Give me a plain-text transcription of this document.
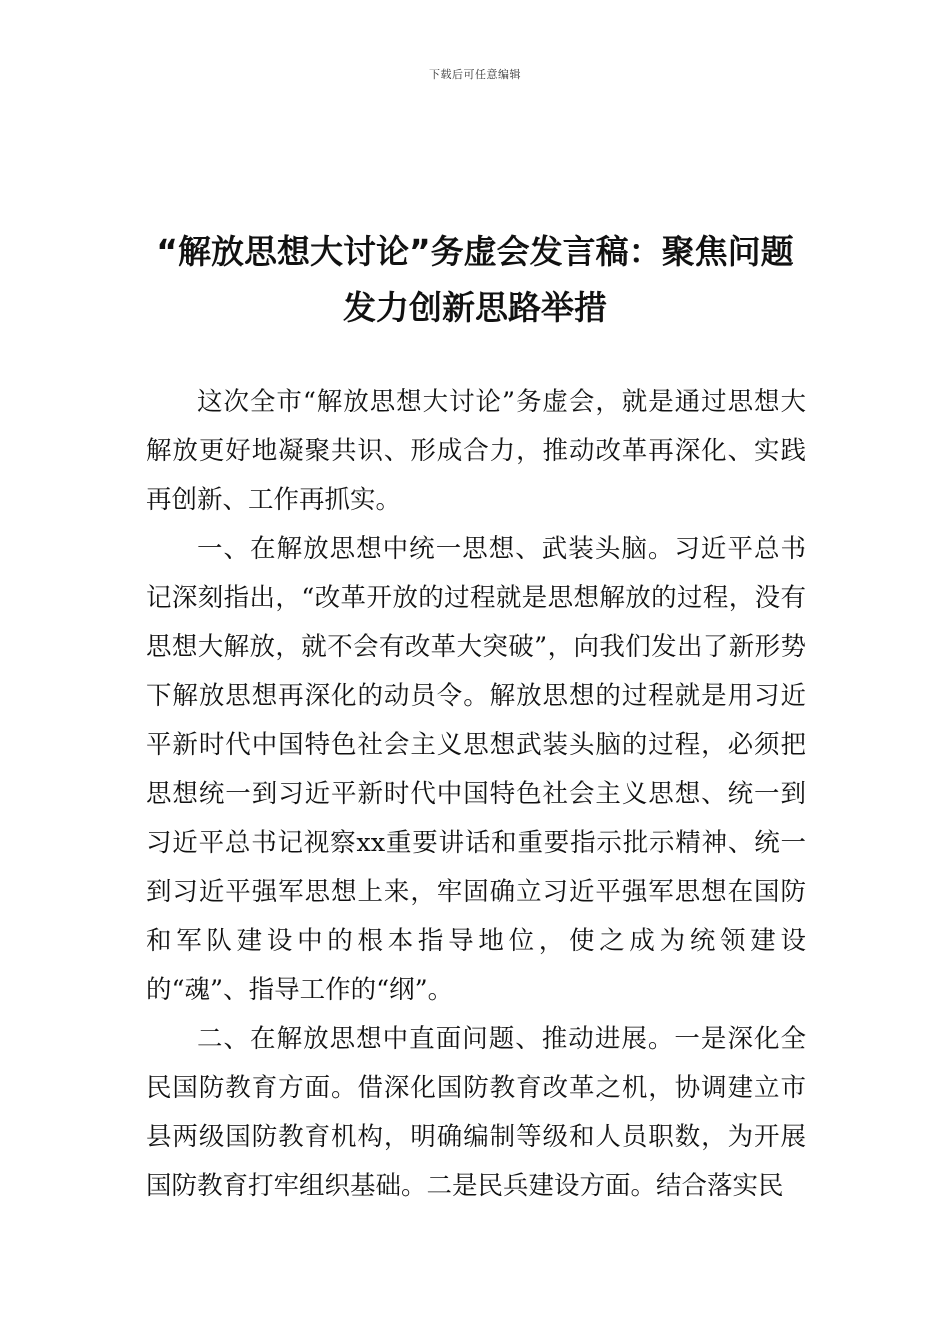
下载后可任意编辑
“解放思想大讨论”务虚会发言稿：聚焦问题发力创新思路举措

这次全市“解放思想大讨论”务虚会，就是通过思想大解放更好地凝聚共识、形成合力，推动改革再深化、实践再创新、工作再抓实。

一、在解放思想中统一思想、武装头脑。习近平总书记深刻指出，“改革开放的过程就是思想解放的过程，没有思想大解放，就不会有改革大突破”，向我们发出了新形势下解放思想再深化的动员令。解放思想的过程就是用习近平新时代中国特色社会主义思想武装头脑的过程，必须把思想统一到习近平新时代中国特色社会主义思想、统一到习近平总书记视察xx重要讲话和重要指示批示精神、统一到习近平强军思想上来，牢固确立习近平强军思想在国防和军队建设中的根本指导地位，使之成为统领建设的“魂”、指导工作的“纲”。

二、在解放思想中直面问题、推动进展。一是深化全民国防教育方面。借深化国防教育改革之机，协调建立市县两级国防教育机构，明确编制等级和人员职数，为开展国防教育打牢组织基础。二是民兵建设方面。结合落实民
